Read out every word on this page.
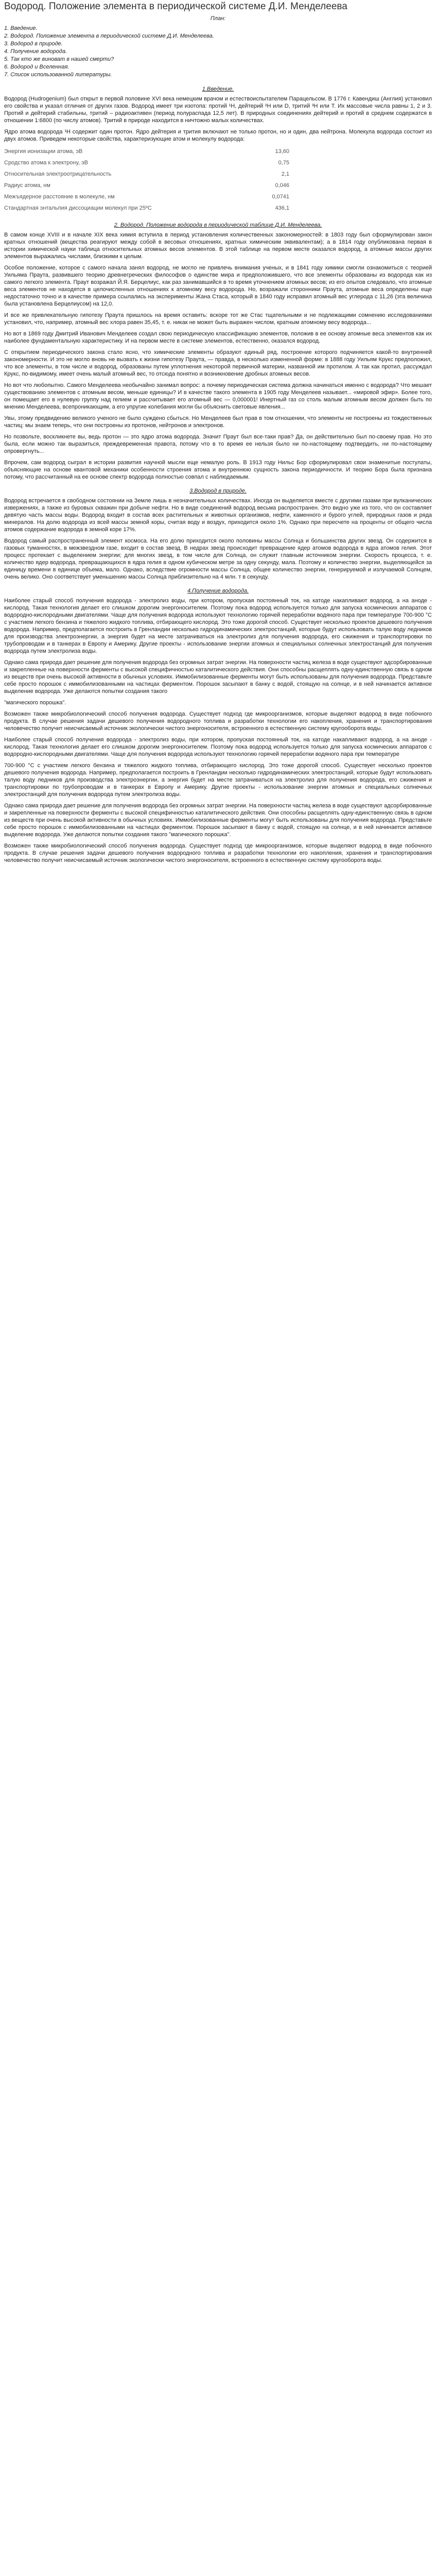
Водород. Положение элемента в периодической системе Д.И. Менделеева
План:
1. Введение.
2. Водород. Положение элемента в периодической системе Д.И. Менделеева.
3. Водород в природе.
4. Получение водорода.
5. Так кто же виноват в нашей смерти?
6. Водород и Вселенная.
7. Список использованной литературы.
1.Введение.

Водород (Hudrogenium) был открыт в первой половине XVI века немецким врачом и естествоиспытателем Парацельсом. В 1776 г. Кавендиш (Англия) установил его свойства и указал отличия от других газов. Водород имеет три изотопа: протий ¹H, дейтерий ²H или D, тритий ³H или T. Их массовые числа равны 1, 2 и 3. Протий и дейтерий стабильны, тритий – радиоактивен (период полураспада 12,5 лет). В природных соединениях дейтерий и протий в среднем содержатся в отношении 1:6800 (по числу атомов). Тритий в природе находится в ничтожно малых количествах.

Ядро атома водорода ¹H содержит один протон. Ядро дейтерия и трития включают не только протон, но и один, два нейтрона. Молекула водорода состоит из двух атомов. Приведем некоторые свойства, характеризующие атом и молекулу водорода:

Энергия ионизации атома, эВ	13,60
Сродство атома к электрону, эВ	0,75
Относительная электроотрицательность	2,1
Радиус атома, нм	0,046
Межъядерное расстояние в молекуле, нм	0,0741
Стандартная энтальпия диссоциации молекул при 25ºC	436,1
2. Водород. Положение водорода в периодической таблице Д.И. Менделеева.

В самом конце XVIII и в начале XIX века химия вступила в период установления количественных закономерностей: в 1803 году был сформулирован закон кратных отношений (вещества реагируют между собой в весовых отношениях, кратных химическим эквивалентам); а в 1814 году опубликована первая в истории химической науки таблица относительных атомных весов элементов. В этой таблице на первом месте оказался водород, а атомные массы других элементов выражались числами, близкими к целым.

Особое положение, которое с самого начала занял водород, не могло не привлечь внимания ученых, и в 1841 году химики смогли ознакомиться с теорией Уильяма Праута, развившего теорию древнегреческих философов о единстве мира и предположившего, что все элементы образованы из водорода как из самого легкого элемента. Праут возражал Й.Я. Берцелиус, как раз занимавшийся в то время уточнением атомных весов; из его опытов следовало, что атомные веса элементов не находятся в целочисленных отношениях к атомному весу водорода. Но, возражали сторонники Праута, атомные веса определены еще недостаточно точно и в качестве примера ссылались на эксперименты Жана Стаса, который в 1840 году исправил атомный вес углерода с 11,26 (эта величина была установлена Берцелиусом) на 12,0.

И все же привлекательную гипотезу Праута пришлось на время оставить: вскоре тот же Стас тщательными и не подлежащими сомнению исследованиями установил, что, например, атомный вес хлора равен 35,45, т. е. никак не может быть выражен числом, кратным атомному весу водорода...

Но вот в 1869 году Дмитрий Иванович Менделеев создал свою периодическую классификацию элементов, положив в ее основу атомные веса элементов как их наиболее фундаментальную характеристику. И на первом месте в системе элементов, естественно, оказался водород.

С открытием периодического закона стало ясно, что химические элементы образуют единый ряд, построение которого подчиняется какой-то внутренней закономерности. И это не могло вновь не вызвать к жизни гипотезу Праута, — правда, в несколько измененной форме: в 1888 году Уильям Крукс предположил, что все элементы, в том числе и водород, образованы путем уплотнения некоторой первичной материи, названной им протилом. А так как протил, рассуждал Крукс, по-видимому, имеет очень малый атомный вес, то отсюда понятно и возникновение дробных атомных весов.

Но вот что любопытно. Самого Менделеева необычайно занимал вопрос: а почему периодическая система должна начинаться именно с водорода? Что мешает существованию элементов с атомным весом, меньше единицы? И в качестве такого элемента в 1905 году Менделеев называет... «мировой эфир». Более того, он помещает его в нулевую группу над гелием и рассчитывает его атомный вес — 0,000001! Инертный газ со столь малым атомным весом должен быть по мнению Менделеева, всепроникающим, а его упругие колебания могли бы объяснить световые явления...

Увы, этому предвидению великого ученого не было суждено сбыться. Но Менделеев был прав в том отношении, что элементы не построены из тождественных частиц: мы знаем теперь, что они построены из протонов, нейтронов и электронов.

Но позвольте, воскликнете вы, ведь протон — это ядро атома водорода. Значит Праут был все-таки прав? Да, он действительно был по-своему прав. Но это была, если можно так выразиться, преждевременная правота, потому что в то время ее нельзя было ни по-настоящему подтвердить, ни по-настоящему опровергнуть...

Впрочем, сам водород сыграл в истории развития научной мысли еще немалую роль. В 1913 году Нильс Бор сформулировал свои знаменитые постулаты, объясняющие на основе квантовой механики особенности строения атома и внутреннюю сущность закона периодичности. И теорию Бора была признана потому, что рассчитанный на ее основе спектр водорода полностью совпал с наблюдаемым.

3.Водород в природе.

Водород встречается в свободном состоянии на Земле лишь в незначительных количествах. Иногда он выделяется вместе с другими газами при вулканических извержениях, а также из буровых скважин при добыче нефти. Но в виде соединений водород весьма распространен. Это видно уже из того, что он составляет девятую часть массы воды. Водород входит в состав всех растительных и животных организмов, нефти, каменного и бурого углей, природных газов и ряда минералов. На долю водорода из всей массы земной коры, считая воду и воздух, приходится около 1%. Однако при пересчете на проценты от общего числа атомов содержание водорода в земной коре 17%.

Водород самый распространенный элемент космоса. На его долю приходится около половины массы Солнца и большинства других звезд. Он содержится в газовых туманностях, в межзвездном газе, входит в состав звезд. В недрах звезд происходит превращение ядер атомов водорода в ядра атомов гелия. Этот процесс протекает с выделением энергии; для многих звезд, в том числе для Солнца, он служит главным источником энергии. Скорость процесса, т. е. количество ядер водорода, превращающихся в ядра гелия в одном кубическом метре за одну секунду, мала. Поэтому и количество энергии, выделяющейся за единицу времени в единице объема, мало. Однако, вследствие огромности массы Солнца, общее количество энергии, генерируемой и излучаемой Солнцем, очень велико. Оно соответствует уменьшению массы Солнца приблизительно на 4 млн. т в секунду.

4.Получение водорода.

Наиболее старый способ получения водорода - электролиз воды, при котором, пропуская постоянный ток, на катоде накапливают водород, а на аноде - кислород. Такая технология делает его слишком дорогим энергоносителем. Поэтому пока водород используется только для запуска космических аппаратов с водородно-кислородными двигателями. Чаще для получения водорода используют технологию горячей переработки водяного пара при температуре 700-900 °С с участием легкого бензина и тяжелого жидкого топлива, отбирающего кислород. Это тоже дорогой способ. Существует несколько проектов дешевого получения водорода. Например, предполагается построить в Гренландии несколько гидродинамических электростанций, которые будут использовать талую воду ледников для производства электроэнергии, а энергия будет на месте затрачиваться на электролиз для получения водорода, его сжижения и транспортировки по трубопроводам и в танкерах в Европу и Америку. Другие проекты - использование энергии атомных и специальных солнечных электростанций для получения водорода путем электролиза воды.

Однако сама природа дает решение для получения водорода без огромных затрат энергии. На поверхности частиц железа в воде существуют адсорбированные и закрепленные на поверхности ферменты с высокой специфичностью каталитического действия. Они способны расщеплять одну-единственную связь в одном из веществ при очень высокой активности в обычных условиях. Иммобилизованные ферменты могут быть использованы для получения водорода. Представьте себе просто порошок с иммобилизованными на частицах ферментом. Порошок засыпают в банку с водой, стоящую на солнце, и в ней начинается активное выделение водорода. Уже делаются попытки создания такого

"магического порошка".

Возможен также микробиологический способ получения водорода. Существует подход где микроорганизмов, которые выделяют водород в виде побочного продукта. В случае решения задачи дешевого получения водородного топлива и разработки технологии его накопления, хранения и транспортирования человечество получит неисчисаемый источник экологически чистого энергоносителя, встроенного в естественную систему кругооборота воды.

Наиболее старый способ получения водорода - электролиз воды, при котором, пропуская постоянный ток, на катоде накапливают водород, а на аноде - кислород. Такая технология делает его слишком дорогим энергоносителем. Поэтому пока водород используется только для запуска космических аппаратов с водородно-кислородными двигателями. Чаще для получения водорода используют технологию горячей переработки водяного пара при температуре

700-900 °С с участием легкого бензина и тяжелого жидкого топлива, отбирающего кислород. Это тоже дорогой способ. Существует несколько проектов дешевого получения водорода. Например, предполагается построить в Гренландии несколько гидродинамических электростанций, которые будут использовать талую воду ледников для производства электроэнергии, а энергия будет на месте затрачиваться на электролиз для получения водорода, его сжижения и транспортировки по трубопроводам и в танкерах в Европу и Америку. Другие проекты - использование энергии атомных и специальных солнечных электростанций для получения водорода путем электролиза воды.

Однако сама природа дает решение для получения водорода без огромных затрат энергии. На поверхности частиц железа в воде существуют адсорбированные и закрепленные на поверхности ферменты с высокой специфичностью каталитического действия. Они способны расщеплять одну-единственную связь в одном из веществ при очень высокой активности в обычных условиях. Иммобилизованные ферменты могут быть использованы для получения водорода. Представьте себе просто порошок с иммобилизованными на частицах ферментом. Порошок засыпают в банку с водой, стоящую на солнце, и в ней начинается активное выделение водорода. Уже делаются попытки создания такого "магического порошка".

Возможен также микробиологический способ получения водорода. Существует подход где микроорганизмов, которые выделяют водород в виде побочного продукта. В случае решения задачи дешевого получения водородного топлива и разработки технологии его накопления, хранения и транспортирования человечество получит неисчисаемый источник экологически чистого энергоносителя, встроенного в естественную систему кругооборота воды.
